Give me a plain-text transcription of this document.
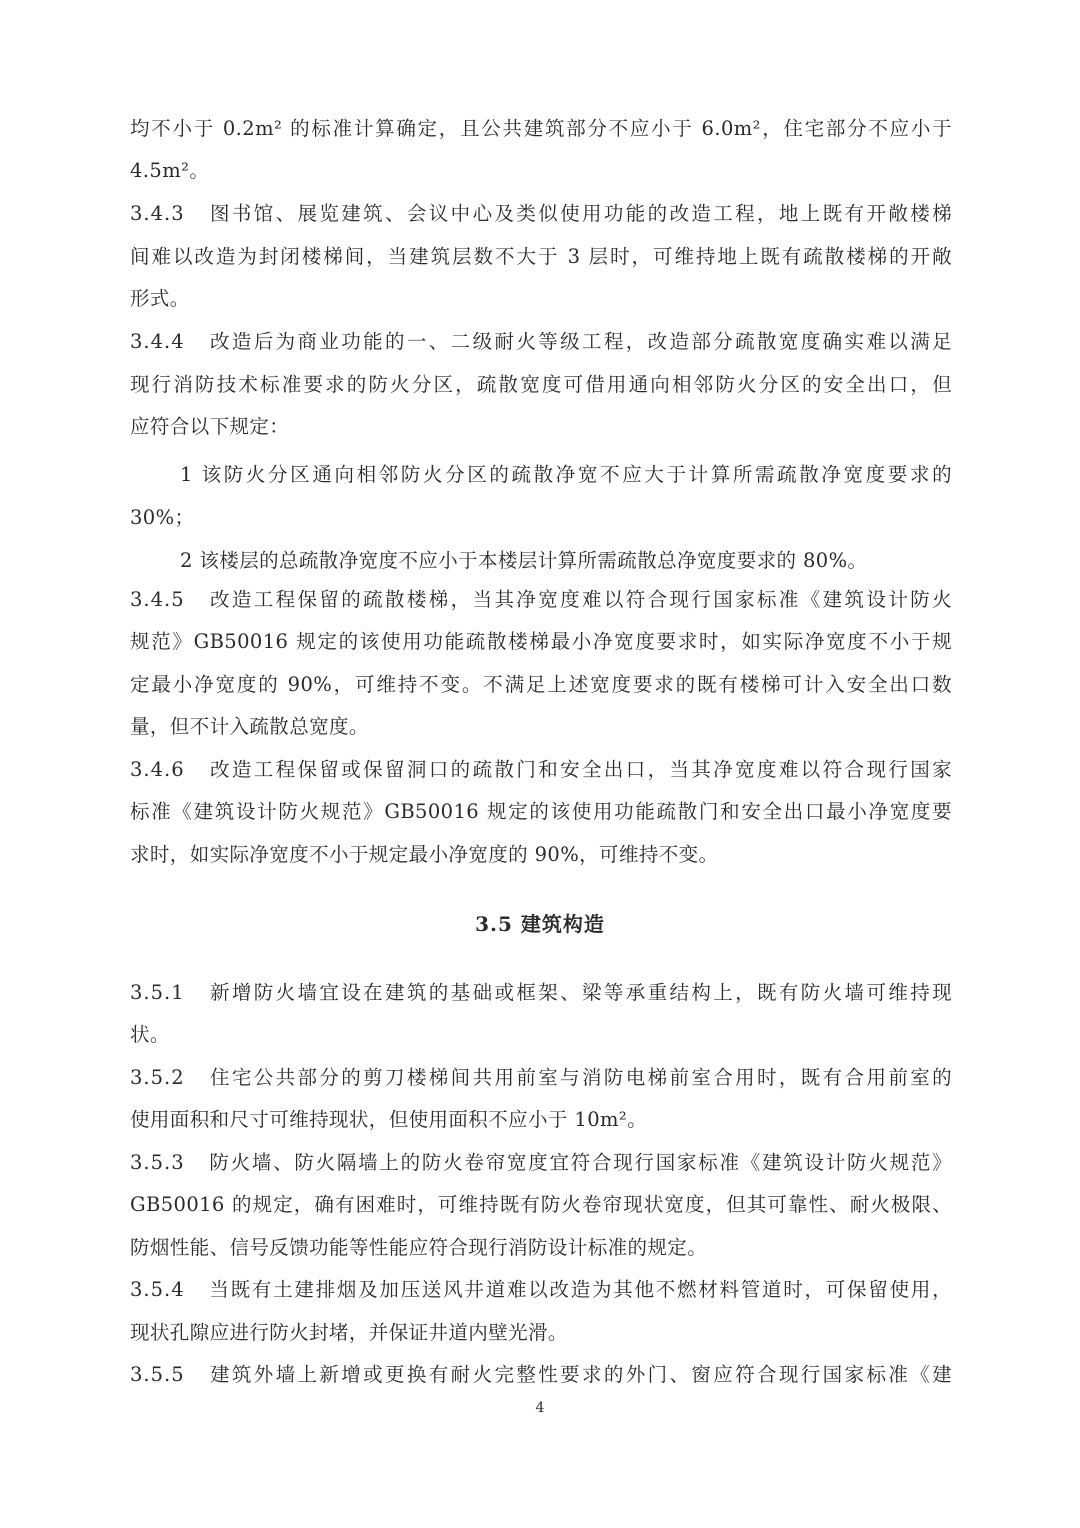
均不小于 0.2m² 的标准计算确定，且公共建筑部分不应小于 6.0m²，住宅部分不应小于
4.5m²。
3.4.3 图书馆、展览建筑、会议中心及类似使用功能的改造工程，地上既有开敞楼梯
间难以改造为封闭楼梯间，当建筑层数不大于 3 层时，可维持地上既有疏散楼梯的开敞
形式。
3.4.4 改造后为商业功能的一、二级耐火等级工程，改造部分疏散宽度确实难以满足
现行消防技术标准要求的防火分区，疏散宽度可借用通向相邻防火分区的安全出口，但
应符合以下规定：
1 该防火分区通向相邻防火分区的疏散净宽不应大于计算所需疏散净宽度要求的
30%；
2 该楼层的总疏散净宽度不应小于本楼层计算所需疏散总净宽度要求的 80%。
3.4.5 改造工程保留的疏散楼梯，当其净宽度难以符合现行国家标准《建筑设计防火
规范》GB50016 规定的该使用功能疏散楼梯最小净宽度要求时，如实际净宽度不小于规
定最小净宽度的 90%，可维持不变。不满足上述宽度要求的既有楼梯可计入安全出口数
量，但不计入疏散总宽度。
3.4.6 改造工程保留或保留洞口的疏散门和安全出口，当其净宽度难以符合现行国家
标准《建筑设计防火规范》GB50016 规定的该使用功能疏散门和安全出口最小净宽度要
求时，如实际净宽度不小于规定最小净宽度的 90%，可维持不变。
3.5 建筑构造
3.5.1 新增防火墙宜设在建筑的基础或框架、梁等承重结构上，既有防火墙可维持现
状。
3.5.2 住宅公共部分的剪刀楼梯间共用前室与消防电梯前室合用时，既有合用前室的
使用面积和尺寸可维持现状，但使用面积不应小于 10m²。
3.5.3 防火墙、防火隔墙上的防火卷帘宽度宜符合现行国家标准《建筑设计防火规范》
GB50016 的规定，确有困难时，可维持既有防火卷帘现状宽度，但其可靠性、耐火极限、
防烟性能、信号反馈功能等性能应符合现行消防设计标准的规定。
3.5.4 当既有土建排烟及加压送风井道难以改造为其他不燃材料管道时，可保留使用，
现状孔隙应进行防火封堵，并保证井道内壁光滑。
3.5.5 建筑外墙上新增或更换有耐火完整性要求的外门、窗应符合现行国家标准《建
4
